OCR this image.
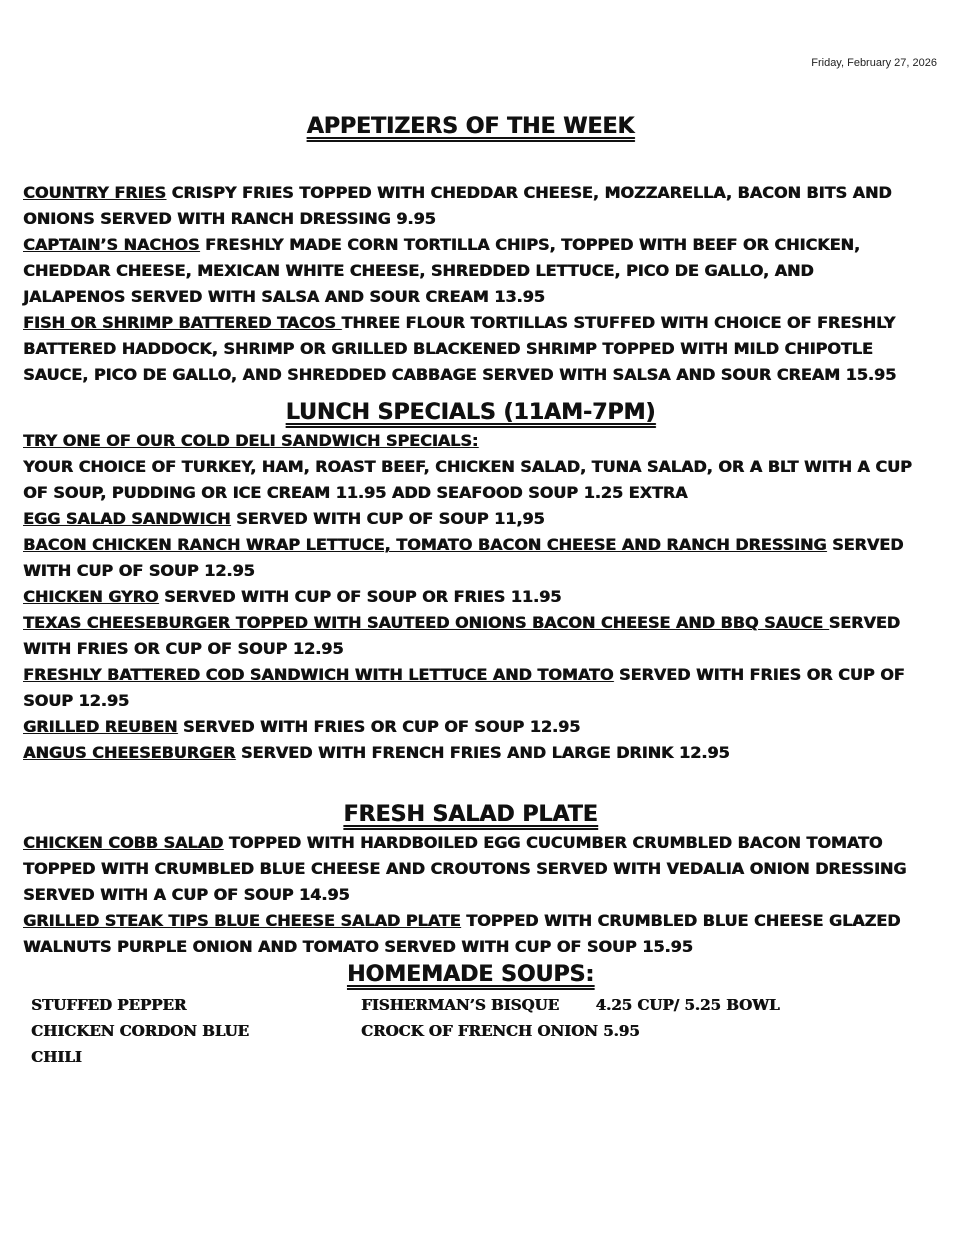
Friday, February 27, 2026
APPETIZERS OF THE WEEK

COUNTRY FRIES CRISPY FRIES TOPPED WITH CHEDDAR CHEESE, MOZZARELLA, BACON BITS AND ONIONS SERVED WITH RANCH DRESSING 9.95

CAPTAIN’S NACHOS FRESHLY MADE CORN TORTILLA CHIPS, TOPPED WITH BEEF OR CHICKEN, CHEDDAR CHEESE, MEXICAN WHITE CHEESE, SHREDDED LETTUCE, PICO DE GALLO, AND JALAPENOS SERVED WITH SALSA AND SOUR CREAM 13.95

FISH OR SHRIMP BATTERED TACOS THREE FLOUR TORTILLAS STUFFED WITH CHOICE OF FRESHLY BATTERED HADDOCK, SHRIMP OR GRILLED BLACKENED SHRIMP TOPPED WITH MILD CHIPOTLE SAUCE, PICO DE GALLO, AND SHREDDED CABBAGE SERVED WITH SALSA AND SOUR CREAM 15.95

LUNCH SPECIALS (11AM-7PM)

TRY ONE OF OUR COLD DELI SANDWICH SPECIALS:

YOUR CHOICE OF TURKEY, HAM, ROAST BEEF, CHICKEN SALAD, TUNA SALAD, OR A BLT WITH A CUP OF SOUP, PUDDING OR ICE CREAM 11.95 ADD SEAFOOD SOUP 1.25 EXTRA

EGG SALAD SANDWICH SERVED WITH CUP OF SOUP 11,95

BACON CHICKEN RANCH WRAP LETTUCE, TOMATO BACON CHEESE AND RANCH DRESSING SERVED WITH CUP OF SOUP 12.95

CHICKEN GYRO SERVED WITH CUP OF SOUP OR FRIES 11.95

TEXAS CHEESEBURGER TOPPED WITH SAUTEED ONIONS BACON CHEESE AND BBQ SAUCE SERVED WITH FRIES OR CUP OF SOUP 12.95

FRESHLY BATTERED COD SANDWICH WITH LETTUCE AND TOMATO SERVED WITH FRIES OR CUP OF SOUP 12.95

GRILLED REUBEN SERVED WITH FRIES OR CUP OF SOUP 12.95

ANGUS CHEESEBURGER SERVED WITH FRENCH FRIES AND LARGE DRINK 12.95

FRESH SALAD PLATE

CHICKEN COBB SALAD TOPPED WITH HARDBOILED EGG CUCUMBER CRUMBLED BACON TOMATO TOPPED WITH CRUMBLED BLUE CHEESE AND CROUTONS SERVED WITH VEDALIA ONION DRESSING SERVED WITH A CUP OF SOUP 14.95

GRILLED STEAK TIPS BLUE CHEESE SALAD PLATE TOPPED WITH CRUMBLED BLUE CHEESE GLAZED WALNUTS PURPLE ONION AND TOMATO SERVED WITH CUP OF SOUP 15.95

HOMEMADE SOUPS:
STUFFED PEPPER
CHICKEN CORDON BLUE
CHILI
FISHERMAN’S BISQUE       4.25 CUP/ 5.25 BOWL
CROCK OF FRENCH ONION 5.95
